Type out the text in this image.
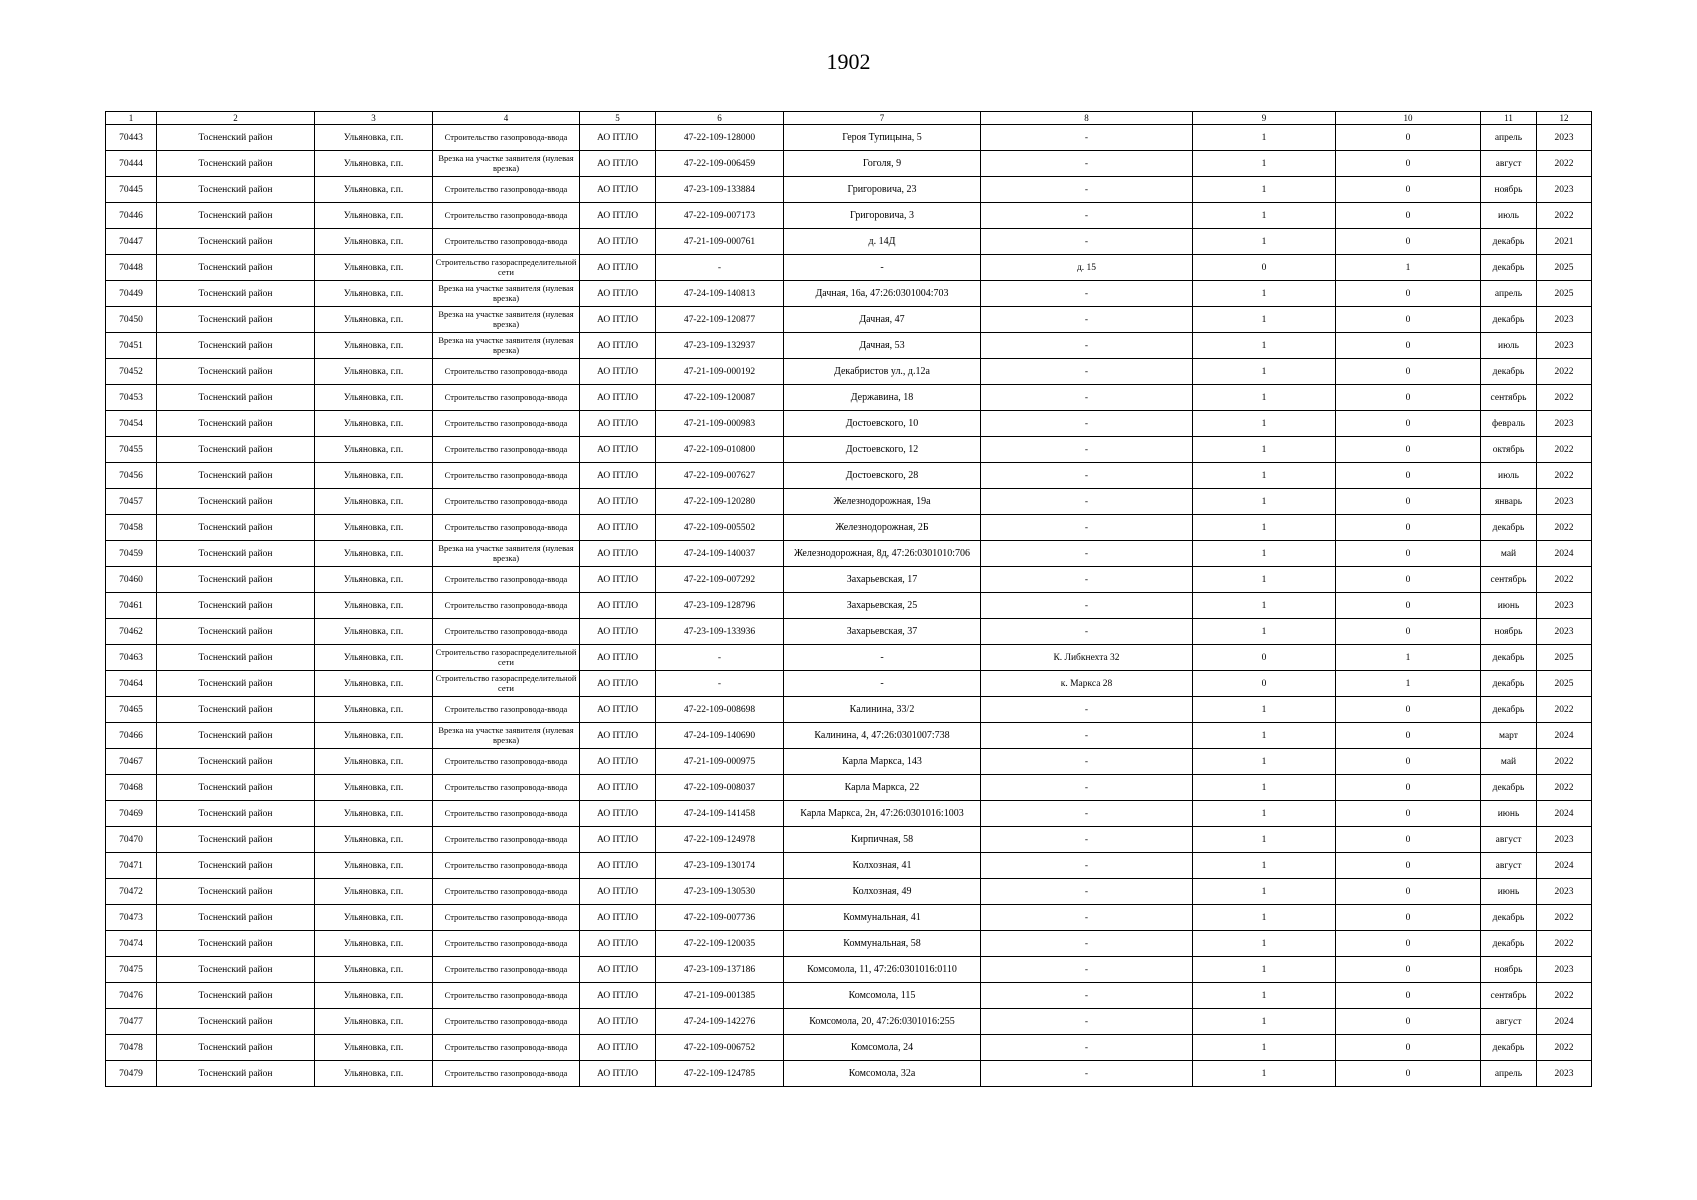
1902
1	2	3	4	5	6	7	8	9	10	11	12
70443	Тосненский район	Ульяновка, г.п.	Строительство газопровода-ввода	АО ПТЛО	47-22-109-128000	Героя Тупицына, 5	-	1	0	апрель	2023
70444	Тосненский район	Ульяновка, г.п.	Врезка на участке заявителя (нулевая врезка)	АО ПТЛО	47-22-109-006459	Гоголя, 9	-	1	0	август	2022
70445	Тосненский район	Ульяновка, г.п.	Строительство газопровода-ввода	АО ПТЛО	47-23-109-133884	Григоровича, 23	-	1	0	ноябрь	2023
70446	Тосненский район	Ульяновка, г.п.	Строительство газопровода-ввода	АО ПТЛО	47-22-109-007173	Григоровича, 3	-	1	0	июль	2022
70447	Тосненский район	Ульяновка, г.п.	Строительство газопровода-ввода	АО ПТЛО	47-21-109-000761	д. 14Д	-	1	0	декабрь	2021
70448	Тосненский район	Ульяновка, г.п.	Строительство газораспределительной сети	АО ПТЛО	-	-	д. 15	0	1	декабрь	2025
70449	Тосненский район	Ульяновка, г.п.	Врезка на участке заявителя (нулевая врезка)	АО ПТЛО	47-24-109-140813	Дачная, 16а, 47:26:0301004:703	-	1	0	апрель	2025
70450	Тосненский район	Ульяновка, г.п.	Врезка на участке заявителя (нулевая врезка)	АО ПТЛО	47-22-109-120877	Дачная, 47	-	1	0	декабрь	2023
70451	Тосненский район	Ульяновка, г.п.	Врезка на участке заявителя (нулевая врезка)	АО ПТЛО	47-23-109-132937	Дачная, 53	-	1	0	июль	2023
70452	Тосненский район	Ульяновка, г.п.	Строительство газопровода-ввода	АО ПТЛО	47-21-109-000192	Декабристов ул., д.12а	-	1	0	декабрь	2022
70453	Тосненский район	Ульяновка, г.п.	Строительство газопровода-ввода	АО ПТЛО	47-22-109-120087	Державина, 18	-	1	0	сентябрь	2022
70454	Тосненский район	Ульяновка, г.п.	Строительство газопровода-ввода	АО ПТЛО	47-21-109-000983	Достоевского, 10	-	1	0	февраль	2023
70455	Тосненский район	Ульяновка, г.п.	Строительство газопровода-ввода	АО ПТЛО	47-22-109-010800	Достоевского, 12	-	1	0	октябрь	2022
70456	Тосненский район	Ульяновка, г.п.	Строительство газопровода-ввода	АО ПТЛО	47-22-109-007627	Достоевского, 28	-	1	0	июль	2022
70457	Тосненский район	Ульяновка, г.п.	Строительство газопровода-ввода	АО ПТЛО	47-22-109-120280	Железнодорожная, 19а	-	1	0	январь	2023
70458	Тосненский район	Ульяновка, г.п.	Строительство газопровода-ввода	АО ПТЛО	47-22-109-005502	Железнодорожная, 2Б	-	1	0	декабрь	2022
70459	Тосненский район	Ульяновка, г.п.	Врезка на участке заявителя (нулевая врезка)	АО ПТЛО	47-24-109-140037	Железнодорожная, 8д, 47:26:0301010:706	-	1	0	май	2024
70460	Тосненский район	Ульяновка, г.п.	Строительство газопровода-ввода	АО ПТЛО	47-22-109-007292	Захарьевская, 17	-	1	0	сентябрь	2022
70461	Тосненский район	Ульяновка, г.п.	Строительство газопровода-ввода	АО ПТЛО	47-23-109-128796	Захарьевская, 25	-	1	0	июнь	2023
70462	Тосненский район	Ульяновка, г.п.	Строительство газопровода-ввода	АО ПТЛО	47-23-109-133936	Захарьевская, 37	-	1	0	ноябрь	2023
70463	Тосненский район	Ульяновка, г.п.	Строительство газораспределительной сети	АО ПТЛО	-	-	К. Либкнехта 32	0	1	декабрь	2025
70464	Тосненский район	Ульяновка, г.п.	Строительство газораспределительной сети	АО ПТЛО	-	-	к. Маркса 28	0	1	декабрь	2025
70465	Тосненский район	Ульяновка, г.п.	Строительство газопровода-ввода	АО ПТЛО	47-22-109-008698	Калинина, 33/2	-	1	0	декабрь	2022
70466	Тосненский район	Ульяновка, г.п.	Врезка на участке заявителя (нулевая врезка)	АО ПТЛО	47-24-109-140690	Калинина, 4, 47:26:0301007:738	-	1	0	март	2024
70467	Тосненский район	Ульяновка, г.п.	Строительство газопровода-ввода	АО ПТЛО	47-21-109-000975	Карла Маркса, 143	-	1	0	май	2022
70468	Тосненский район	Ульяновка, г.п.	Строительство газопровода-ввода	АО ПТЛО	47-22-109-008037	Карла Маркса, 22	-	1	0	декабрь	2022
70469	Тосненский район	Ульяновка, г.п.	Строительство газопровода-ввода	АО ПТЛО	47-24-109-141458	Карла Маркса, 2н, 47:26:0301016:1003	-	1	0	июнь	2024
70470	Тосненский район	Ульяновка, г.п.	Строительство газопровода-ввода	АО ПТЛО	47-22-109-124978	Кирпичная, 58	-	1	0	август	2023
70471	Тосненский район	Ульяновка, г.п.	Строительство газопровода-ввода	АО ПТЛО	47-23-109-130174	Колхозная, 41	-	1	0	август	2024
70472	Тосненский район	Ульяновка, г.п.	Строительство газопровода-ввода	АО ПТЛО	47-23-109-130530	Колхозная, 49	-	1	0	июнь	2023
70473	Тосненский район	Ульяновка, г.п.	Строительство газопровода-ввода	АО ПТЛО	47-22-109-007736	Коммунальная, 41	-	1	0	декабрь	2022
70474	Тосненский район	Ульяновка, г.п.	Строительство газопровода-ввода	АО ПТЛО	47-22-109-120035	Коммунальная, 58	-	1	0	декабрь	2022
70475	Тосненский район	Ульяновка, г.п.	Строительство газопровода-ввода	АО ПТЛО	47-23-109-137186	Комсомола, 11, 47:26:0301016:0110	-	1	0	ноябрь	2023
70476	Тосненский район	Ульяновка, г.п.	Строительство газопровода-ввода	АО ПТЛО	47-21-109-001385	Комсомола, 115	-	1	0	сентябрь	2022
70477	Тосненский район	Ульяновка, г.п.	Строительство газопровода-ввода	АО ПТЛО	47-24-109-142276	Комсомола, 20, 47:26:0301016:255	-	1	0	август	2024
70478	Тосненский район	Ульяновка, г.п.	Строительство газопровода-ввода	АО ПТЛО	47-22-109-006752	Комсомола, 24	-	1	0	декабрь	2022
70479	Тосненский район	Ульяновка, г.п.	Строительство газопровода-ввода	АО ПТЛО	47-22-109-124785	Комсомола, 32а	-	1	0	апрель	2023
